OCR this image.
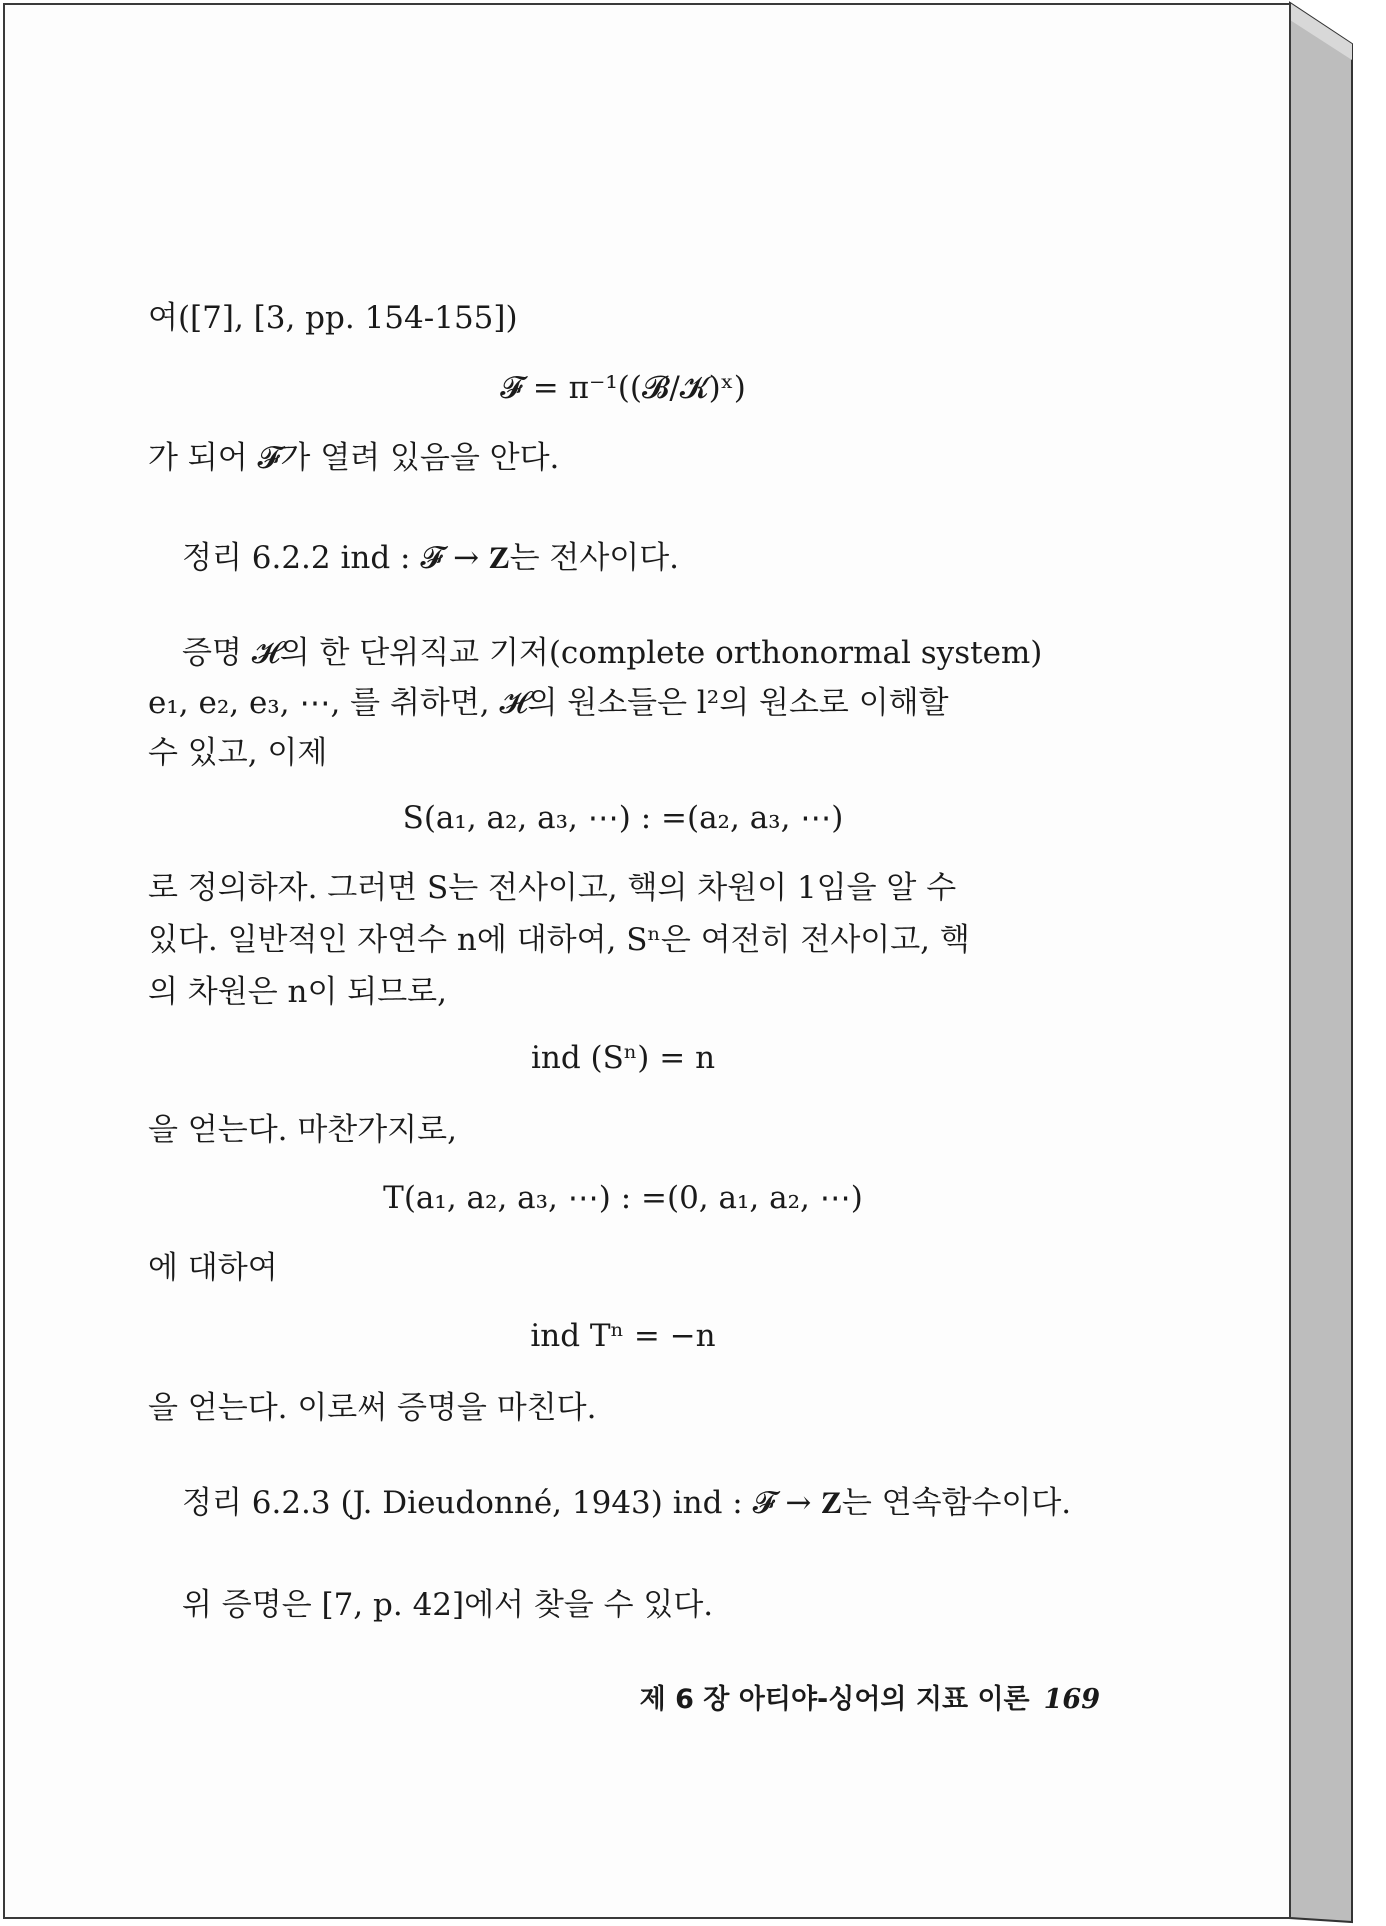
여([7], [3, pp. 154-155])
𝓕 = π⁻¹((𝓑/𝓚)ˣ)
가 되어 𝓕가 열려 있음을 안다.
정리 6.2.2 ind : 𝓕 → 𝐙는 전사이다.
증명 𝓗의 한 단위직교 기저(complete orthonormal system)
e₁, e₂, e₃, ⋯, 를 취하면, 𝓗의 원소들은 l²의 원소로 이해할
수 있고, 이제
S(a₁, a₂, a₃, ⋯) : =(a₂, a₃, ⋯)
로 정의하자. 그러면 S는 전사이고, 핵의 차원이 1임을 알 수
있다. 일반적인 자연수 n에 대하여, Sⁿ은 여전히 전사이고, 핵
의 차원은 n이 되므로,
ind (Sⁿ) = n
을 얻는다. 마찬가지로,
T(a₁, a₂, a₃, ⋯) : =(0, a₁, a₂, ⋯)
에 대하여
ind Tⁿ = −n
을 얻는다. 이로써 증명을 마친다.
정리 6.2.3 (J. Dieudonné, 1943) ind : 𝓕 → 𝐙는 연속함수이다.
위 증명은 [7, p. 42]에서 찾을 수 있다.
제 6 장 아티야-싱어의 지표 이론 169
